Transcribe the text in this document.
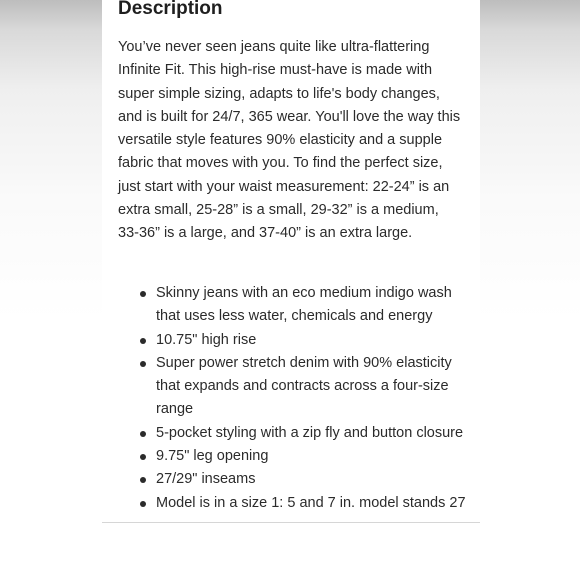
Description

You’ve never seen jeans quite like ultra-flattering Infinite Fit. This high-rise must-have is made with super simple sizing, adapts to life's body changes, and is built for 24/7, 365 wear. You'll love the way this versatile style features 90% elasticity and a supple fabric that moves with you. To find the perfect size, just start with your waist measurement: 22-24” is an extra small, 25-28” is a small, 29-32” is a medium, 33-36” is a large, and 37-40” is an extra large.

Skinny jeans with an eco medium indigo wash that uses less water, chemicals and energy
10.75" high rise
Super power stretch denim with 90% elasticity that expands and contracts across a four-size range
5-pocket styling with a zip fly and button closure
9.75" leg opening
27/29" inseams
Model is in a size 1: 5 and 7 in. model stands 27
